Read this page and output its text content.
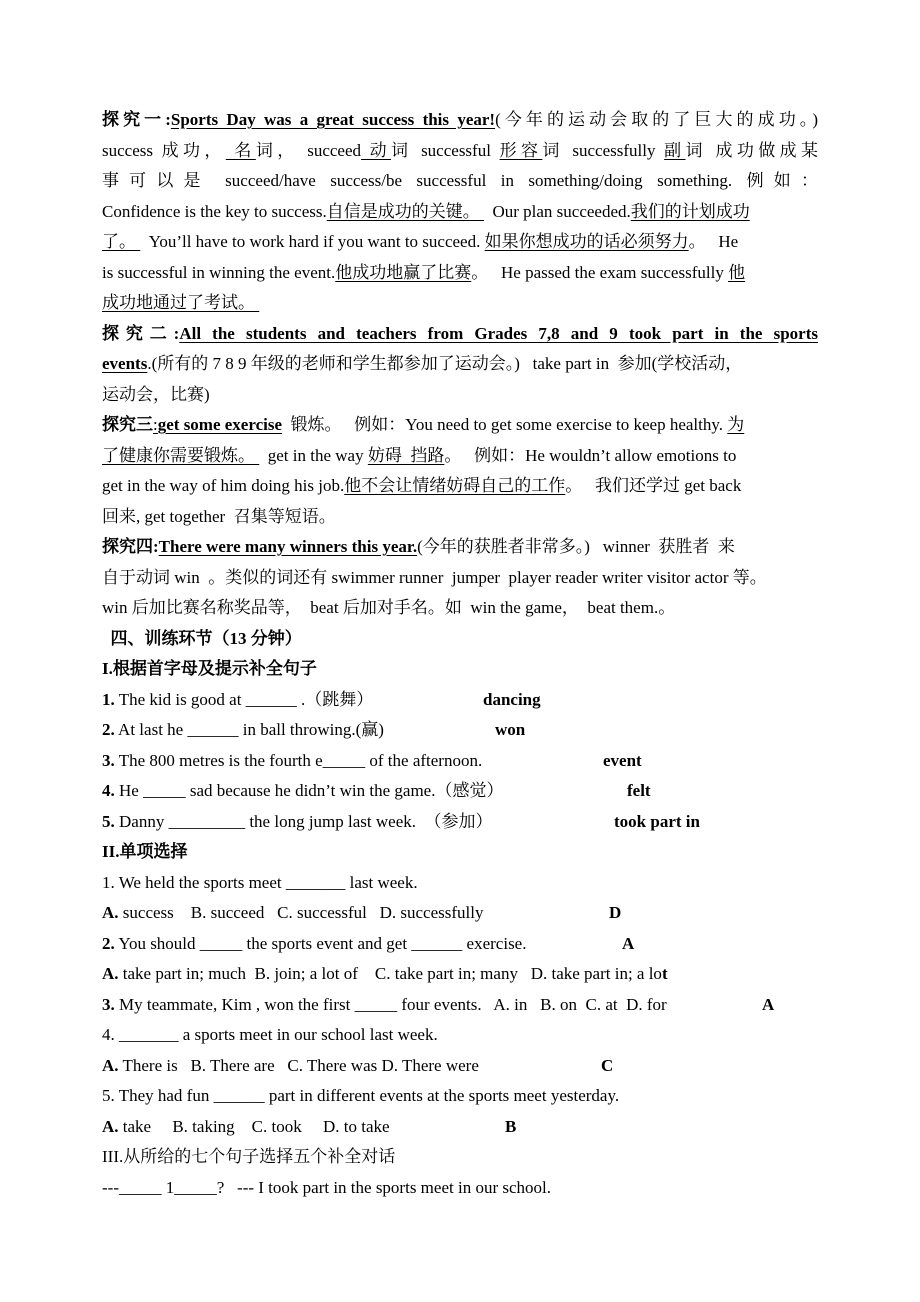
探究一:Sports Day was a great success this year!(今年的运动会取的了巨大的成功。)
success 成功， 名词， succeed 动词 successful 形容词 successfully 副词 成功做成某
事可以是 succeed/have success/be successful in something/doing something. 例如：
Confidence is the key to success.自信是成功的关键。   Our plan succeeded.我们的计划成功
了。   You’ll have to work hard if you want to succeed. 如果你想成功的话必须努力。   He
is successful in winning the event.他成功地赢了比赛。   He passed the exam successfully 他
成功地通过了考试。
探究二:All the students and teachers from Grades 7,8 and 9 took part in the sports
events.(所有的 7 8 9 年级的老师和学生都参加了运动会。)   take part in  参加(学校活动，
运动会，比赛)
探究三:get some exercise  锻炼。   例如：You need to get some exercise to keep healthy. 为
了健康你需要锻炼。   get in the way 妨碍  挡路。   例如：He wouldn’t allow emotions to
get in the way of him doing his job.他不会让情绪妨碍自己的工作。   我们还学过 get back
回来, get together  召集等短语。
探究四:There were many winners this year.(今年的获胜者非常多。)   winner  获胜者  来
自于动词 win  。类似的词还有 swimmer runner  jumper  player reader writer visitor actor 等。
win 后加比赛名称奖品等，  beat 后加对手名。如  win the game，  beat them.。
四、训练环节（13 分钟）
I.根据首字母及提示补全句子
1. The kid is good at ______ .（跳舞）	dancing
2. At last he ______ in ball throwing.(赢)	won
3. The 800 metres is the fourth e_____ of the afternoon.	event
4. He _____ sad because he didn’t win the game.（感觉）	felt
5. Danny _________ the long jump last week.  （参加）	took part in
II.单项选择
1. We held the sports meet _______ last week.
A. success    B. succeed   C. successful   D. successfully	D
2. You should _____ the sports event and get ______ exercise.	A
A. take part in; much  B. join; a lot of    C. take part in; many   D. take part in; a lot
3. My teammate, Kim , won the first _____ four events.   A. in   B. on  C. at  D. for	A
4. _______ a sports meet in our school last week.
A. There is   B. There are   C. There was D. There were	C
5. They had fun ______ part in different events at the sports meet yesterday.
A. take     B. taking    C. took     D. to take	B
III.从所给的七个句子选择五个补全对话
---_____ 1_____?   --- I took part in the sports meet in our school.
